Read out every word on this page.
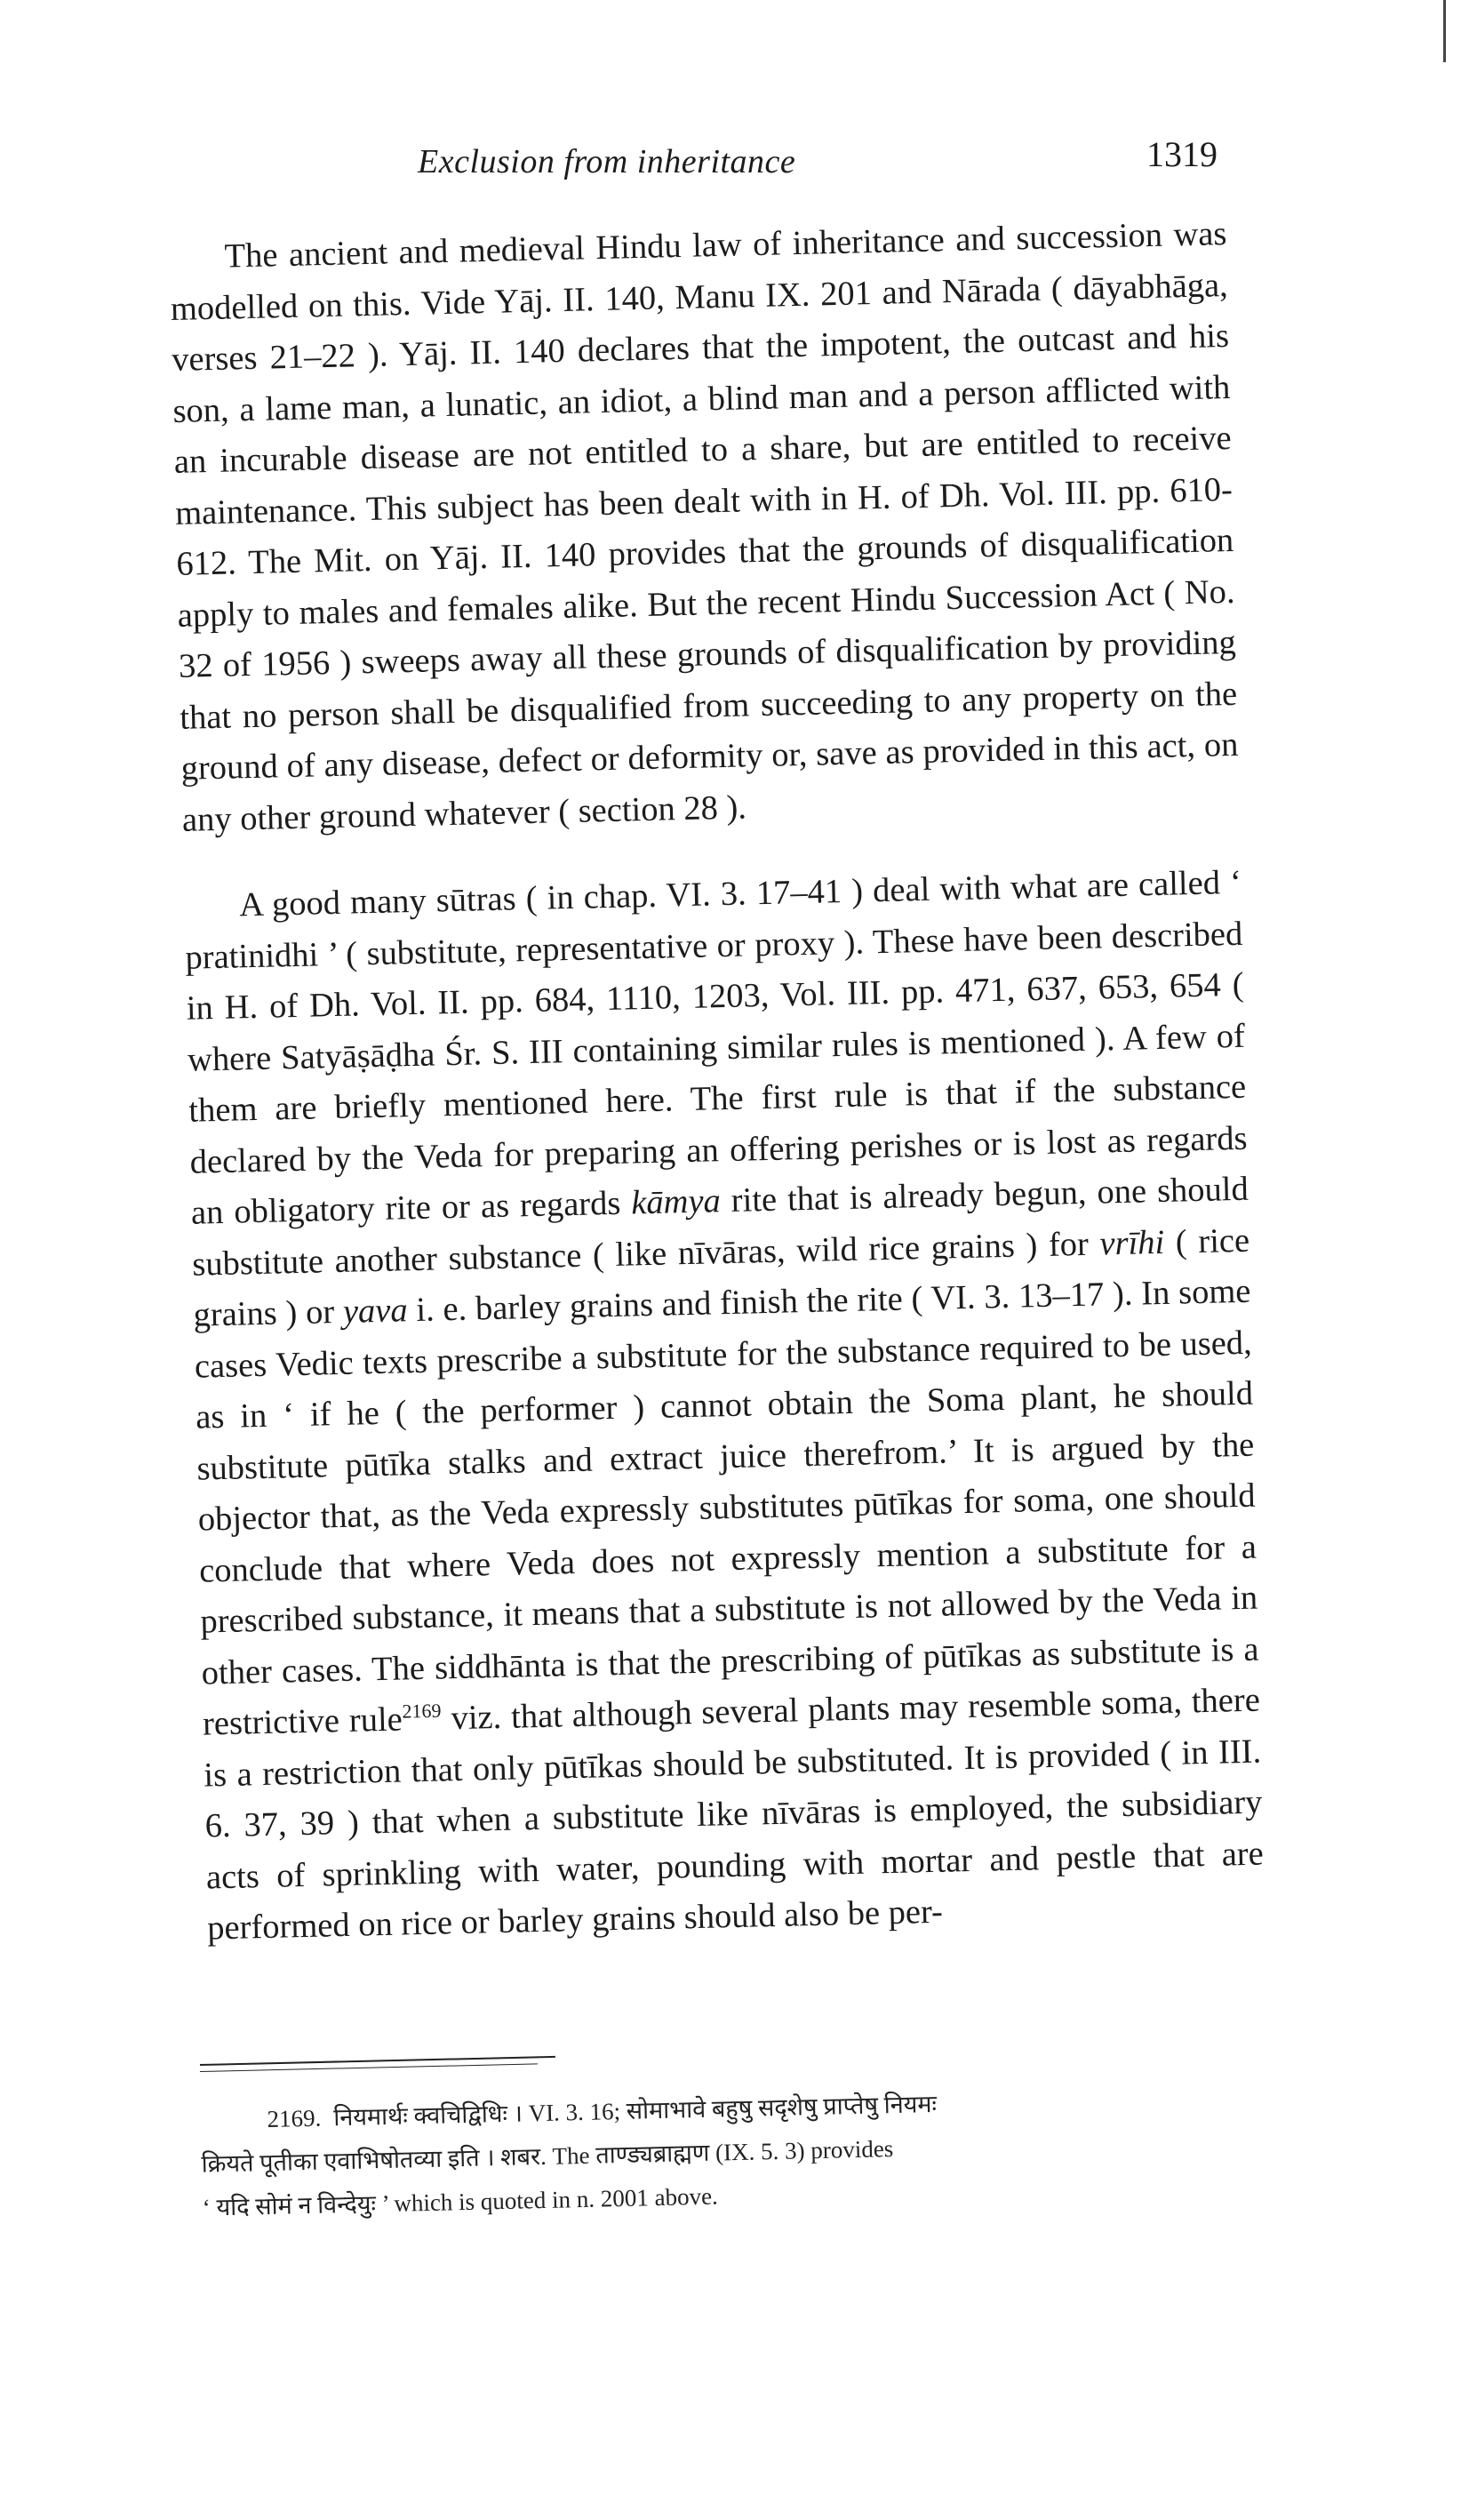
Exclusion from inheritance	1319

The ancient and medieval Hindu law of inheritance and succession was modelled on this. Vide Yāj. II. 140, Manu IX. 201 and Nārada ( dāyabhāga, verses 21–22 ). Yāj. II. 140 declares that the impotent, the outcast and his son, a lame man, a lunatic, an idiot, a blind man and a person afflicted with an incurable disease are not entitled to a share, but are entitled to receive maintenance. This subject has been dealt with in H. of Dh. Vol. III. pp. 610-612. The Mit. on Yāj. II. 140 provides that the grounds of disqualification apply to males and females alike. But the recent Hindu Succession Act ( No. 32 of 1956 ) sweeps away all these grounds of disqualification by providing that no person shall be disqualified from succeeding to any property on the ground of any disease, defect or deformity or, save as provided in this act, on any other ground whatever ( section 28 ).

A good many sūtras ( in chap. VI. 3. 17–41 ) deal with what are called ‘ pratinidhi ’ ( substitute, representative or proxy ). These have been described in H. of Dh. Vol. II. pp. 684, 1110, 1203, Vol. III. pp. 471, 637, 653, 654 ( where Satyāṣāḍha Śr. S. III containing similar rules is mentioned ). A few of them are briefly mentioned here. The first rule is that if the substance declared by the Veda for preparing an offering perishes or is lost as regards an obligatory rite or as regards kāmya rite that is already begun, one should substitute another substance ( like nīvāras, wild rice grains ) for vrīhi ( rice grains ) or yava i. e. barley grains and finish the rite ( VI. 3. 13–17 ). In some cases Vedic texts prescribe a substitute for the substance required to be used, as in ‘ if he ( the performer ) cannot obtain the Soma plant, he should substitute pūtīka stalks and extract juice therefrom.’ It is argued by the objector that, as the Veda expressly substitutes pūtīkas for soma, one should conclude that where Veda does not expressly mention a substitute for a prescribed substance, it means that a substitute is not allowed by the Veda in other cases. The siddhānta is that the prescribing of pūtīkas as substitute is a restrictive rule$^{2169}$ viz. that although several plants may resemble soma, there is a restriction that only pūtīkas should be substituted. It is provided ( in III. 6. 37, 39 ) that when a substitute like nīvāras is employed, the subsidiary acts of sprinkling with water, pounding with mortar and pestle that are performed on rice or barley grains should also be per-

2169. नियमार्थः क्वचिद्विधिः । VI. 3. 16; सोमाभावे बहुषु सदृशेषु प्राप्तेषु नियमः
क्रियते पूतीका एवाभिषोतव्या इति । शबर. The ताण्ड्यब्राह्मण (IX. 5. 3) provides
‘ यदि सोमं न विन्देयुः ’ which is quoted in n. 2001 above.
